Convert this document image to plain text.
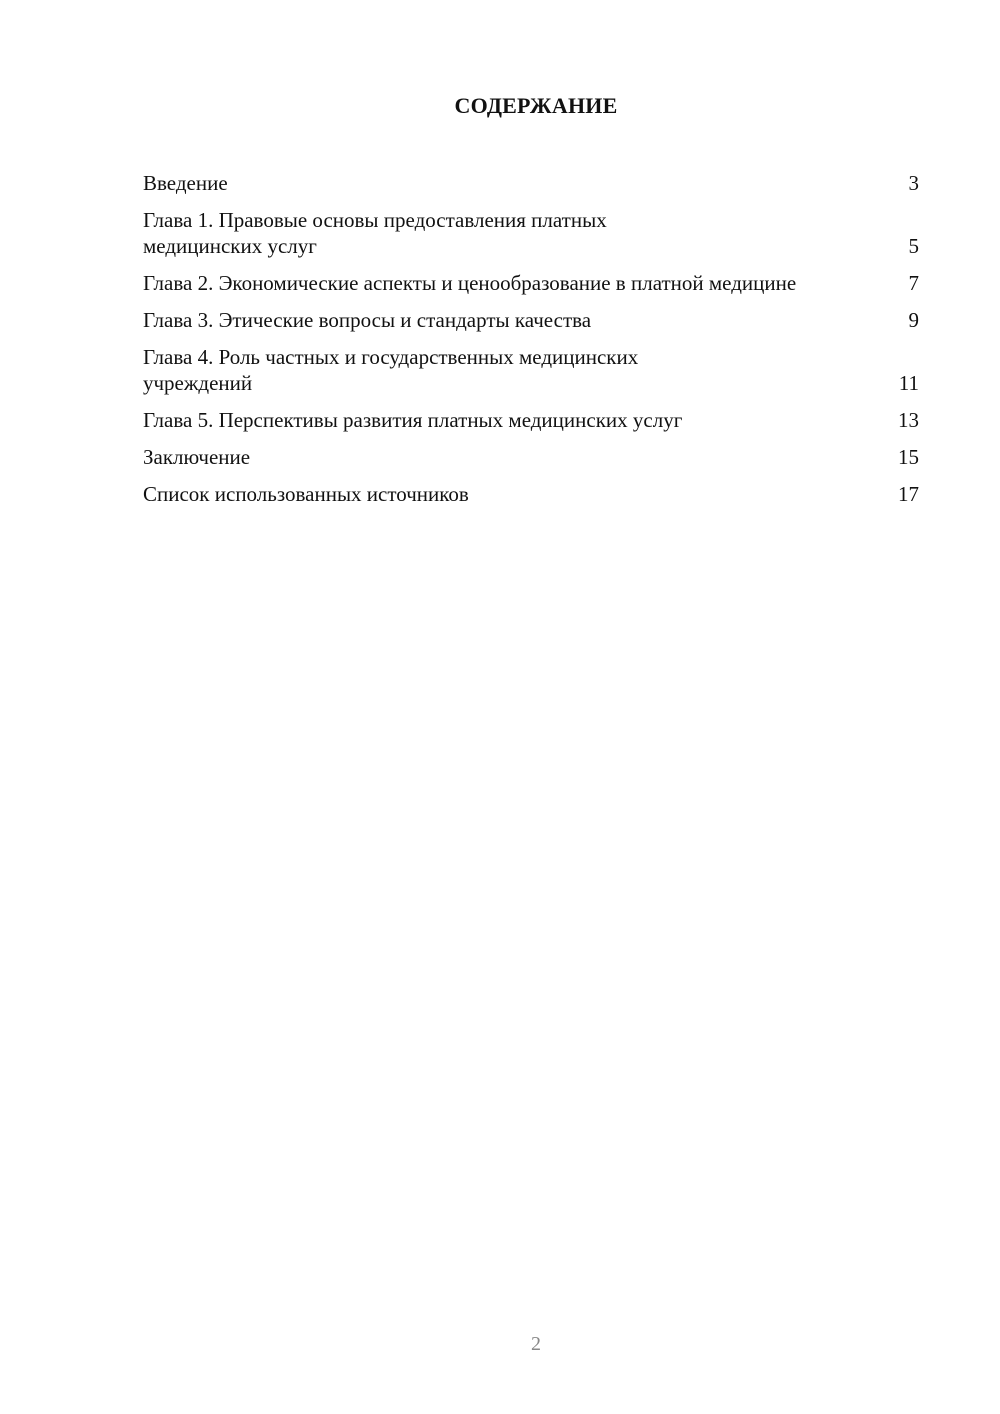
СОДЕРЖАНИЕ
Введение	3
Глава 1. Правовые основы предоставления платных медицинских услуг	5
Глава 2. Экономические аспекты и ценообразование в платной медицине	7
Глава 3. Этические вопросы и стандарты качества	9
Глава 4. Роль частных и государственных медицинских учреждений	11
Глава 5. Перспективы развития платных медицинских услуг	13
Заключение	15
Список использованных источников	17
2
